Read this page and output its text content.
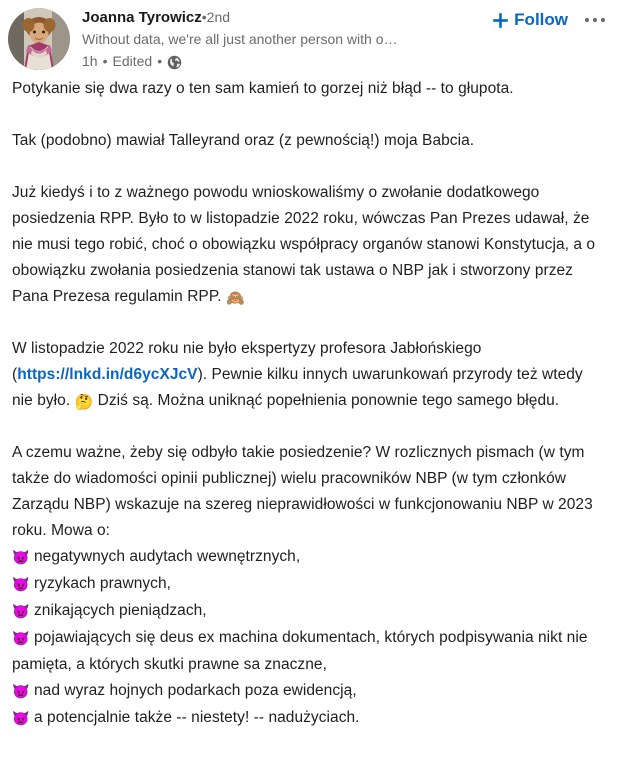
Joanna Tyrowicz•2nd
Without data, we're all just another person with o…
1h • Edited •
Follow

Potykanie się dwa razy o ten sam kamień to gorzej niż błąd -- to głupota.

Tak (podobno) mawiał Talleyrand oraz (z pewnością!) moja Babcia.

Już kiedyś i to z ważnego powodu wnioskowaliśmy o zwołanie dodatkowego posiedzenia RPP. Było to w listopadzie 2022 roku, wówczas Pan Prezes udawał, że nie musi tego robić, choć o obowiązku współpracy organów stanowi Konstytucja, a o obowiązku zwołania posiedzenia stanowi tak ustawa o NBP jak i stworzony przez Pana Prezesa regulamin RPP. 🙈

W listopadzie 2022 roku nie było ekspertyzy profesora Jabłońskiego (https://lnkd.in/d6ycXJcV). Pewnie kilku innych uwarunkowań przyrody też wtedy nie było. 🤔 Dziś są. Można uniknąć popełnienia ponownie tego samego błędu.

A czemu ważne, żeby się odbyło takie posiedzenie? W rozlicznych pismach (w tym także do wiadomości opinii publicznej) wielu pracowników NBP (w tym członków Zarządu NBP) wskazuje na szereg nieprawidłowości w funkcjonowaniu NBP w 2023 roku. Mowa o:

👿 negatywnych audytach wewnętrznych,
👿 ryzykach prawnych,
👿 znikających pieniądzach,
👿 pojawiających się deus ex machina dokumentach, których podpisywania nikt nie pamięta, a których skutki prawne sa znaczne,
👿 nad wyraz hojnych podarkach poza ewidencją,
👿 a potencjalnie także -- niestety! -- nadużyciach.
